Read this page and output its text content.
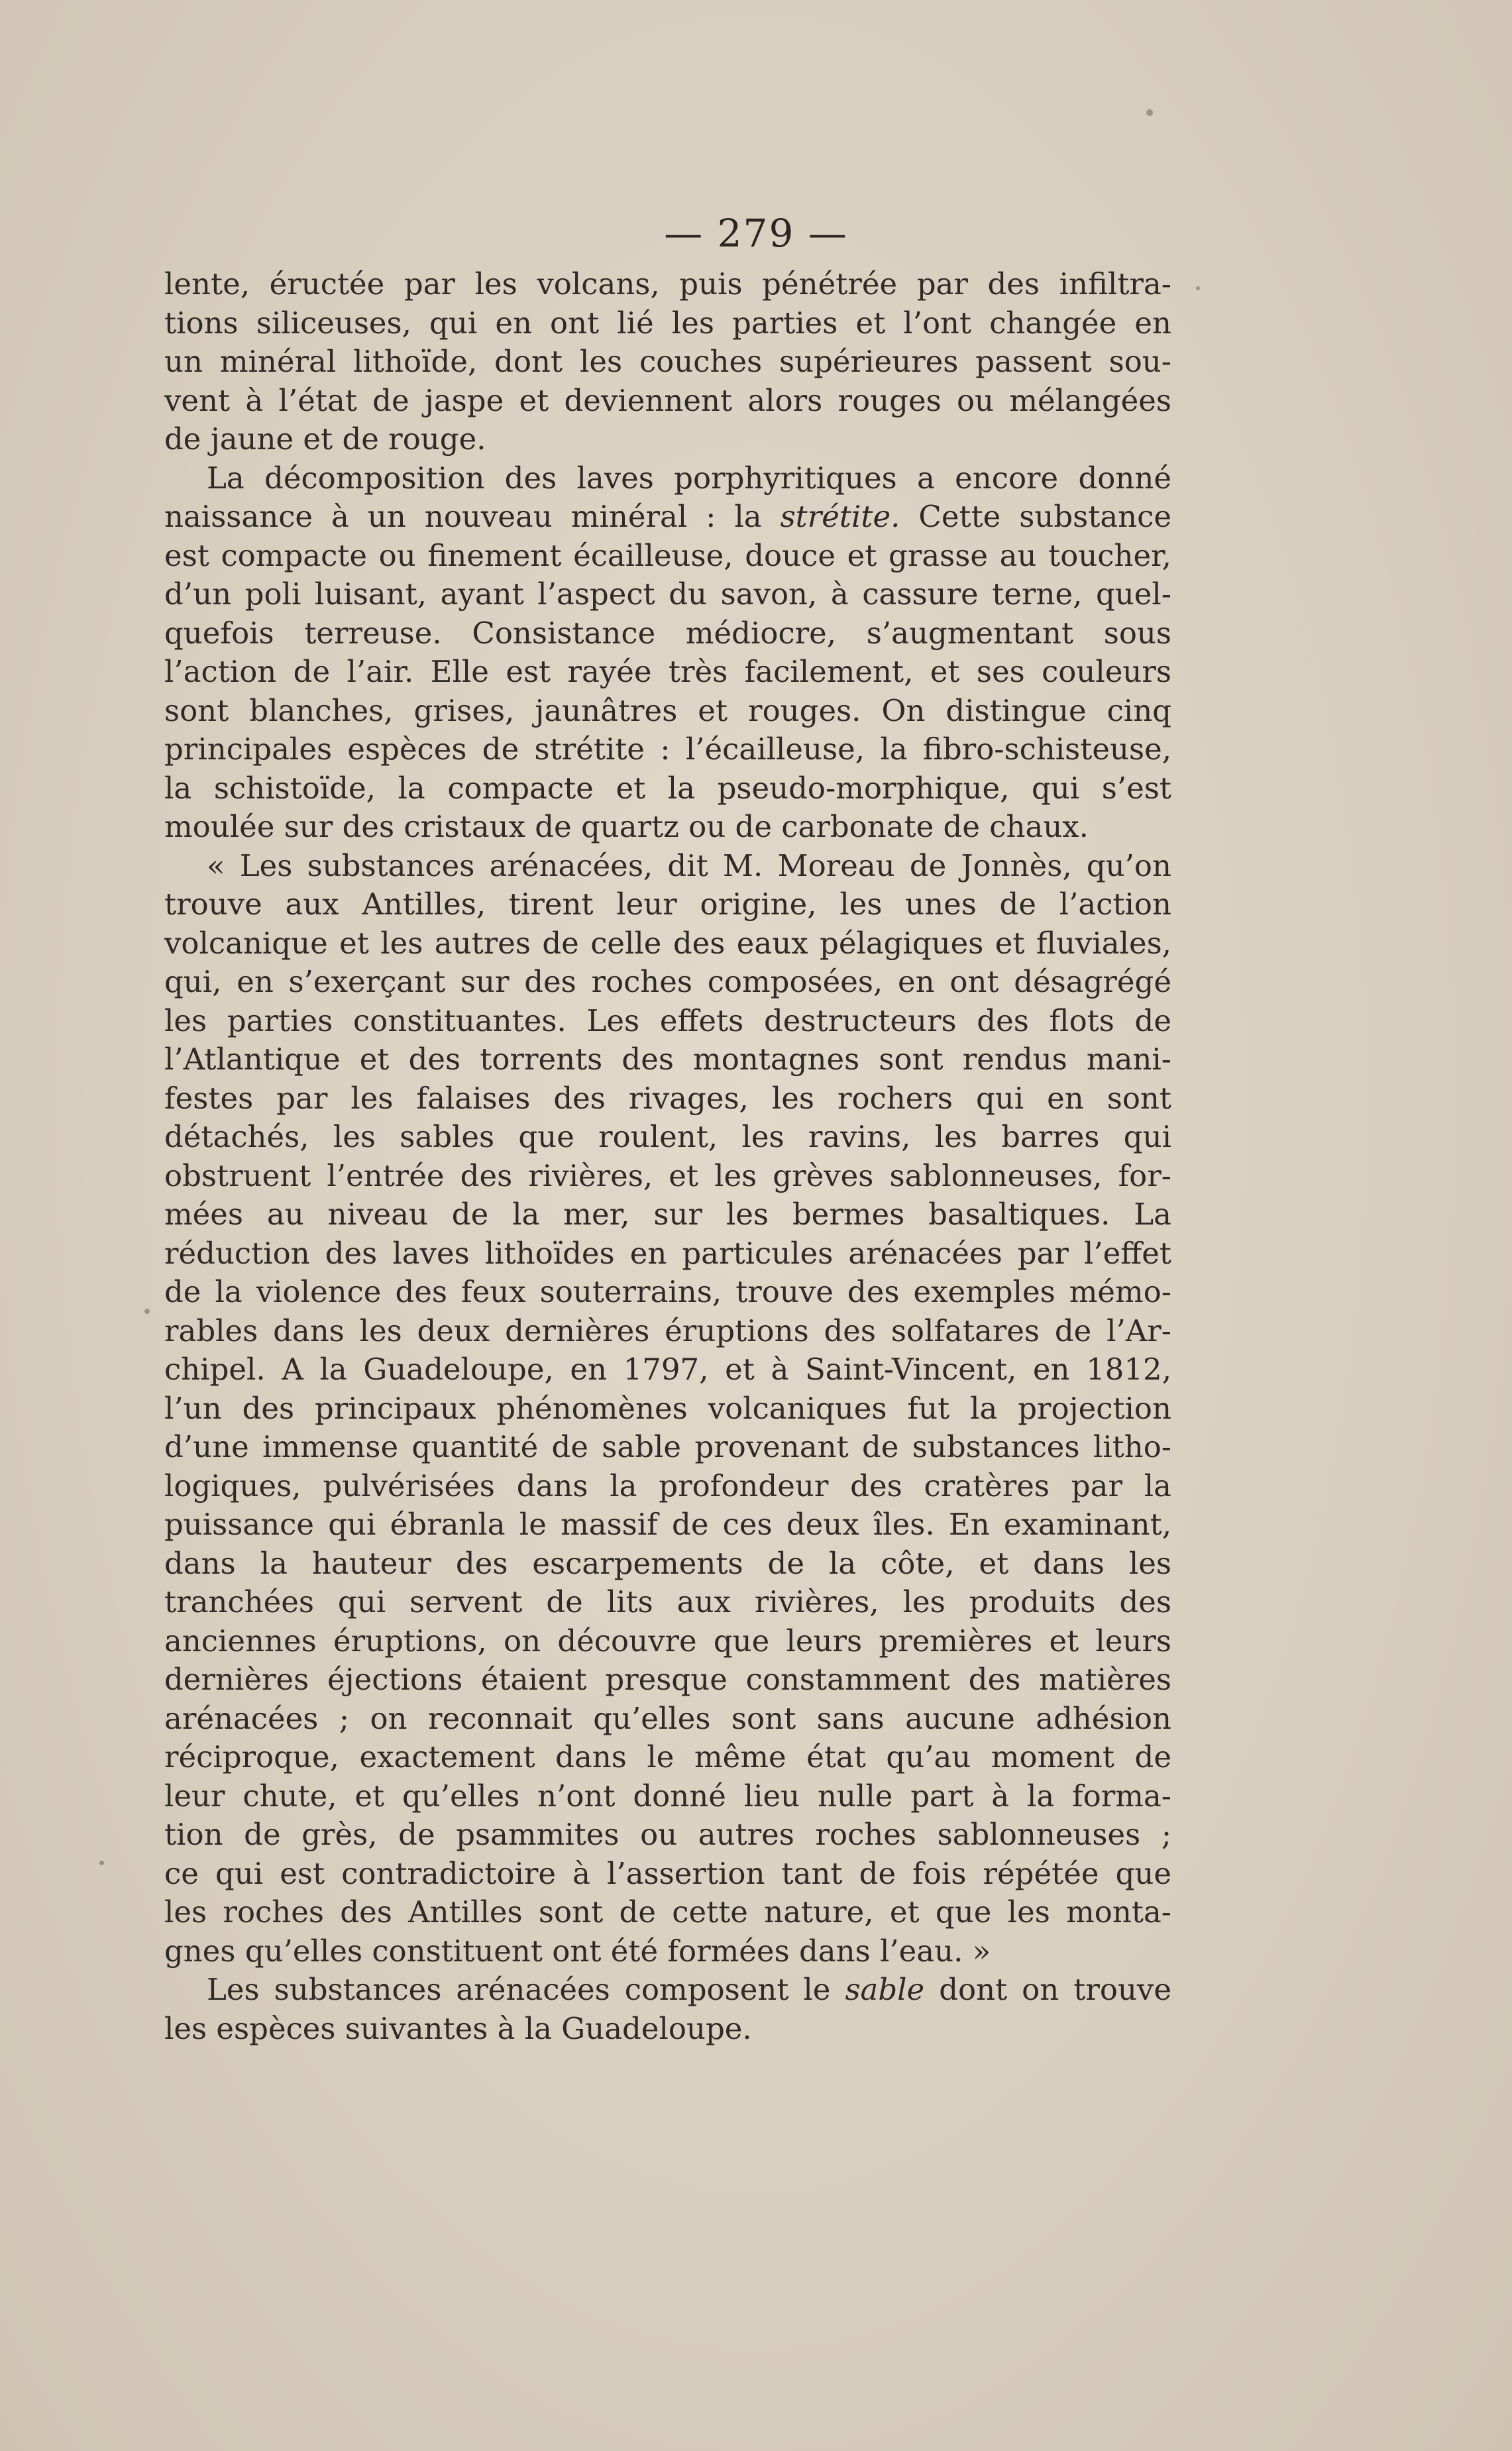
— 279 —
lente, éructée par les volcans, puis pénétrée par des infiltra-
tions siliceuses, qui en ont lié les parties et l’ont changée en
un minéral lithoïde, dont les couches supérieures passent sou-
vent à l’état de jaspe et deviennent alors rouges ou mélangées
de jaune et de rouge.
La décomposition des laves porphyritiques a encore donné
naissance à un nouveau minéral : la strétite. Cette substance
est compacte ou finement écailleuse, douce et grasse au toucher,
d’un poli luisant, ayant l’aspect du savon, à cassure terne, quel-
quefois terreuse. Consistance médiocre, s’augmentant sous
l’action de l’air. Elle est rayée très facilement, et ses couleurs
sont blanches, grises, jaunâtres et rouges. On distingue cinq
principales espèces de strétite : l’écailleuse, la fibro-schisteuse,
la schistoïde, la compacte et la pseudo-morphique, qui s’est
moulée sur des cristaux de quartz ou de carbonate de chaux.
« Les substances arénacées, dit M. Moreau de Jonnès, qu’on
trouve aux Antilles, tirent leur origine, les unes de l’action
volcanique et les autres de celle des eaux pélagiques et fluviales,
qui, en s’exerçant sur des roches composées, en ont désagrégé
les parties constituantes. Les effets destructeurs des flots de
l’Atlantique et des torrents des montagnes sont rendus mani-
festes par les falaises des rivages, les rochers qui en sont
détachés, les sables que roulent, les ravins, les barres qui
obstruent l’entrée des rivières, et les grèves sablonneuses, for-
mées au niveau de la mer, sur les bermes basaltiques. La
réduction des laves lithoïdes en particules arénacées par l’effet
de la violence des feux souterrains, trouve des exemples mémo-
rables dans les deux dernières éruptions des solfatares de l’Ar-
chipel. A la Guadeloupe, en 1797, et à Saint-Vincent, en 1812,
l’un des principaux phénomènes volcaniques fut la projection
d’une immense quantité de sable provenant de substances litho-
logiques, pulvérisées dans la profondeur des cratères par la
puissance qui ébranla le massif de ces deux îles. En examinant,
dans la hauteur des escarpements de la côte, et dans les
tranchées qui servent de lits aux rivières, les produits des
anciennes éruptions, on découvre que leurs premières et leurs
dernières éjections étaient presque constamment des matières
arénacées ; on reconnait qu’elles sont sans aucune adhésion
réciproque, exactement dans le même état qu’au moment de
leur chute, et qu’elles n’ont donné lieu nulle part à la forma-
tion de grès, de psammites ou autres roches sablonneuses ;
ce qui est contradictoire à l’assertion tant de fois répétée que
les roches des Antilles sont de cette nature, et que les monta-
gnes qu’elles constituent ont été formées dans l’eau. »
Les substances arénacées composent le sable dont on trouve
les espèces suivantes à la Guadeloupe.
